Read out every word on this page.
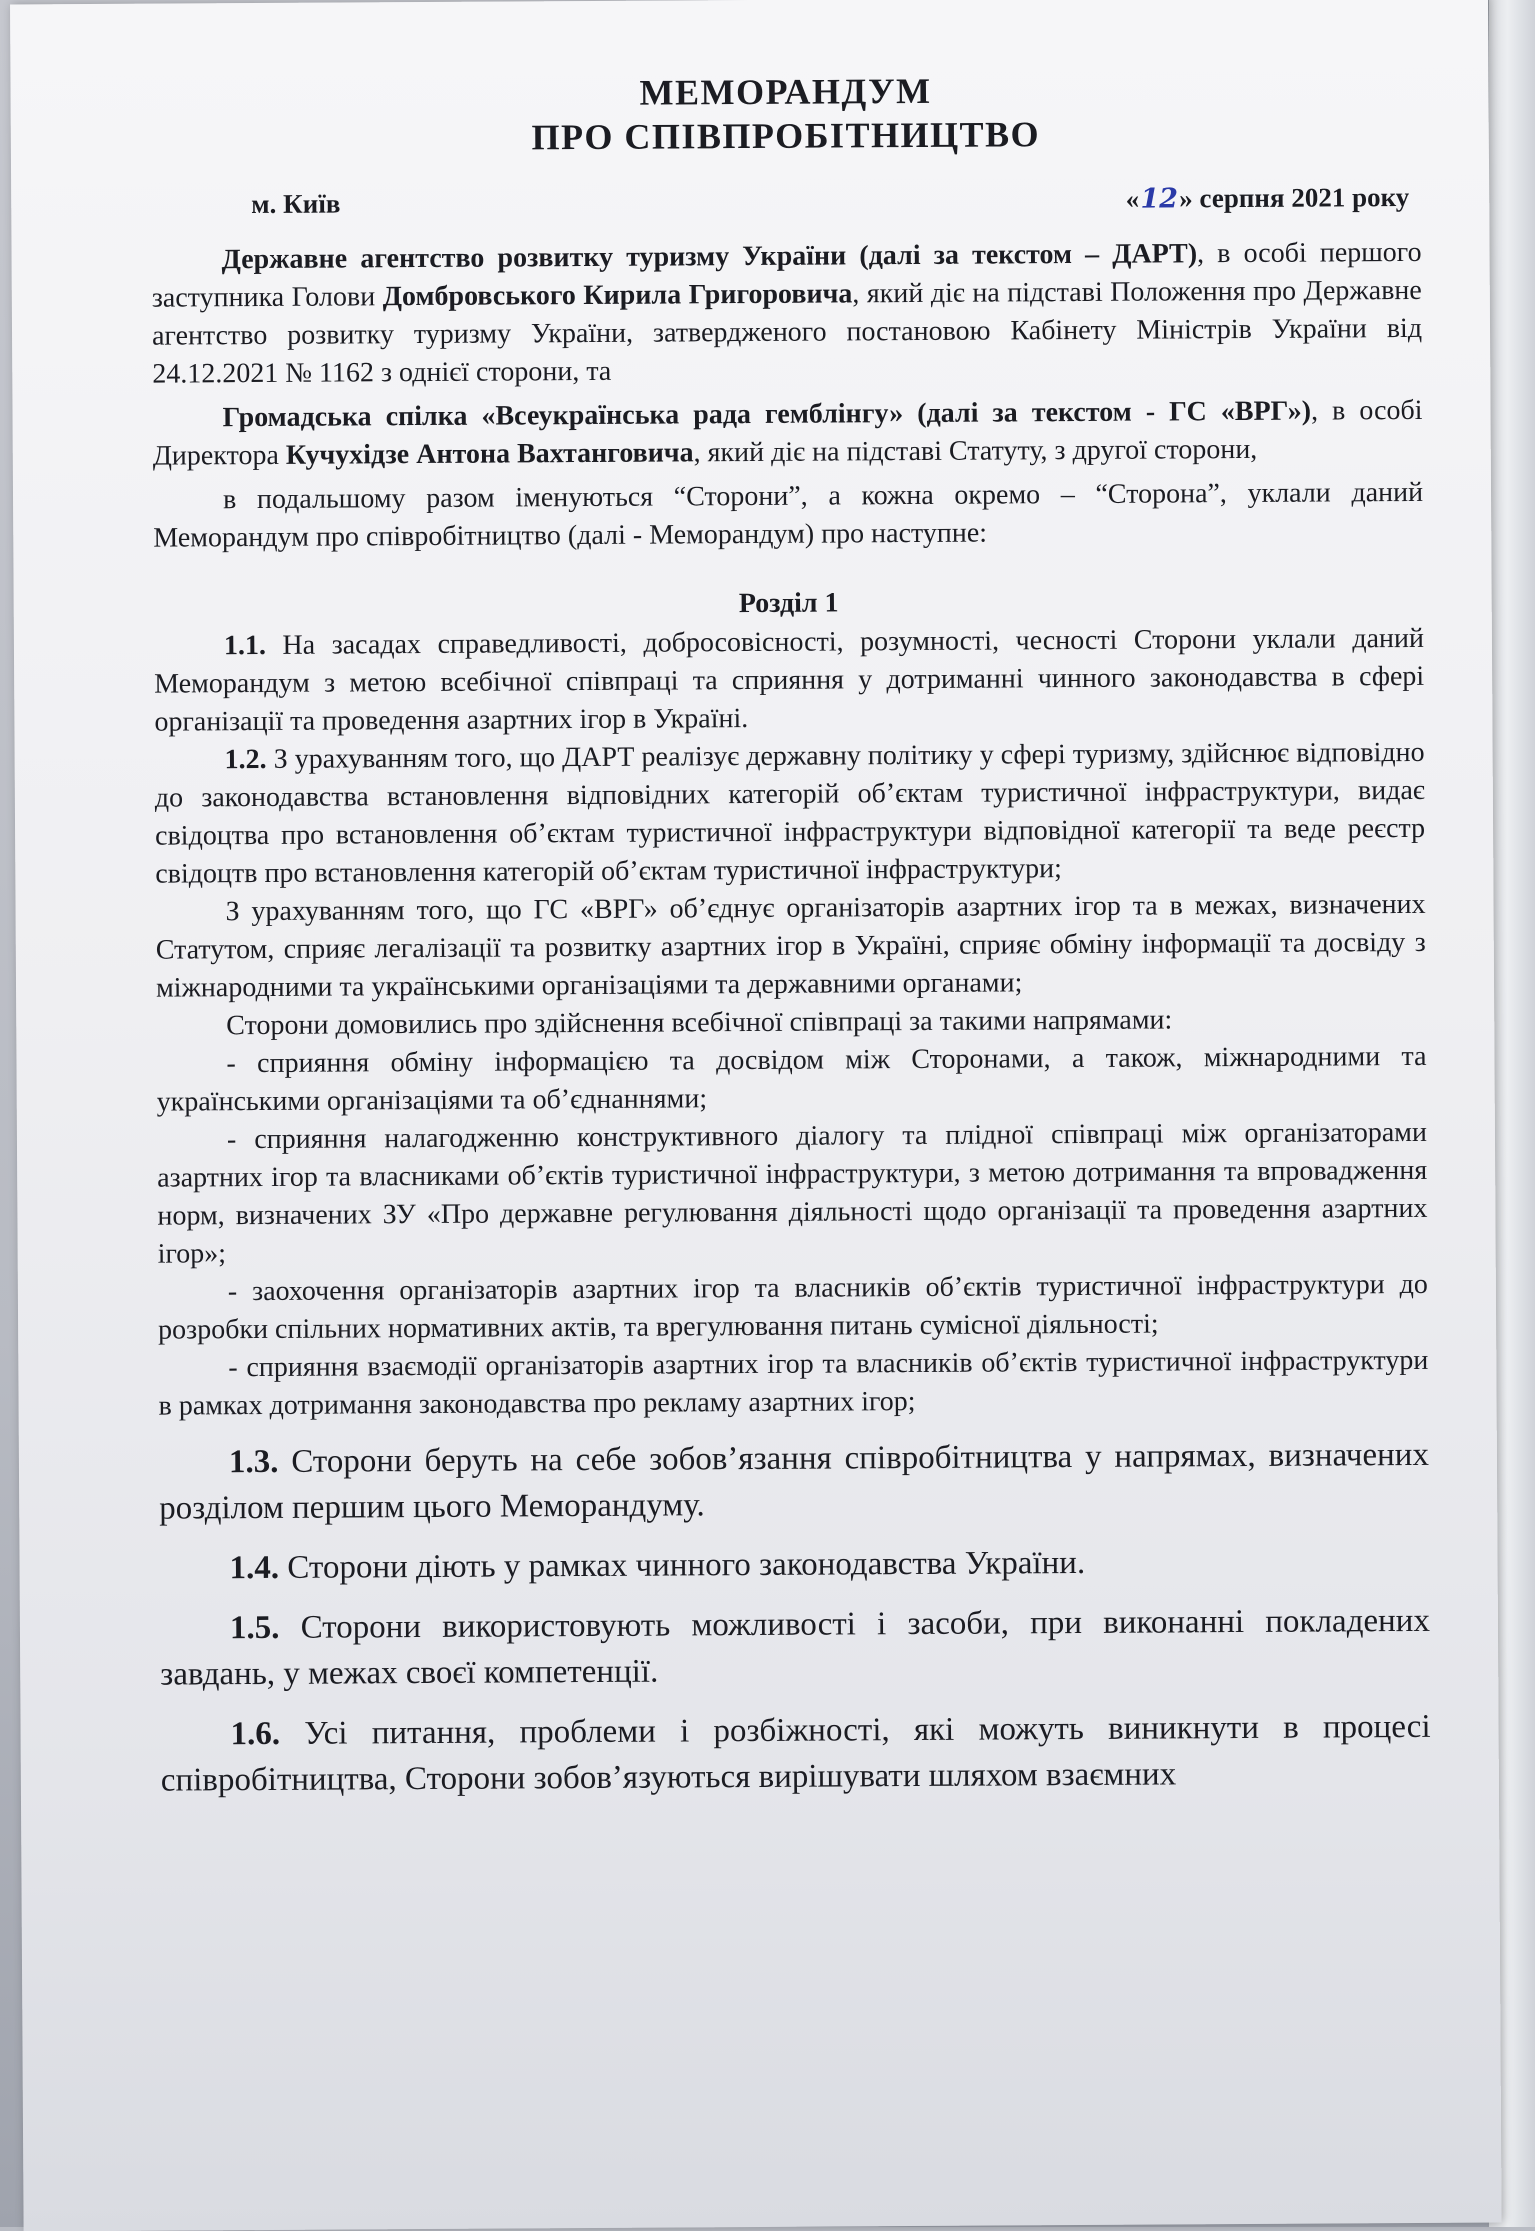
МЕМОРАНДУМ
ПРО СПІВПРОБІТНИЦТВО
м. Київ	«12» серпня 2021 року

Державне агентство розвитку туризму України (далі за текстом – ДАРТ), в особі першого заступника Голови Домбровського Кирила Григоровича, який діє на підставі Положення про Державне агентство розвитку туризму України, затвердженого постановою Кабінету Міністрів України від 24.12.2021 № 1162 з однієї сторони, та

Громадська спілка «Всеукраїнська рада гемблінгу» (далі за текстом - ГС «ВРГ»), в особі Директора Кучухідзе Антона Вахтанговича, який діє на підставі Статуту, з другої сторони,

в подальшому разом іменуються “Сторони”, а кожна окремо – “Сторона”, уклали даний Меморандум про співробітництво (далі - Меморандум) про наступне:

Розділ 1

1.1. На засадах справедливості, добросовісності, розумності, чесності Сторони уклали даний Меморандум з метою всебічної співпраці та сприяння у дотриманні чинного законодавства в сфері організації та проведення азартних ігор в Україні.

1.2. З урахуванням того, що ДАРТ реалізує державну політику у сфері туризму, здійснює відповідно до законодавства встановлення відповідних категорій об’єктам туристичної інфраструктури, видає свідоцтва про встановлення об’єктам туристичної інфраструктури відповідної категорії та веде реєстр свідоцтв про встановлення категорій об’єктам туристичної інфраструктури;

З урахуванням того, що ГС «ВРГ» об’єднує організаторів азартних ігор та в межах, визначених Статутом, сприяє легалізації та розвитку азартних ігор в Україні, сприяє обміну інформації та досвіду з міжнародними та українськими організаціями та державними органами;

Сторони домовились про здійснення всебічної співпраці за такими напрямами:

- сприяння обміну інформацією та досвідом між Сторонами, а також, міжнародними та українськими організаціями та об’єднаннями;

- сприяння налагодженню конструктивного діалогу та плідної співпраці між організаторами азартних ігор та власниками об’єктів туристичної інфраструктури, з метою дотримання та впровадження норм, визначених ЗУ «Про державне регулювання діяльності щодо організації та проведення азартних ігор»;

- заохочення організаторів азартних ігор та власників об’єктів туристичної інфраструктури до розробки спільних нормативних актів, та врегулювання питань сумісної діяльності;

- сприяння взаємодії організаторів азартних ігор та власників об’єктів туристичної інфраструктури в рамках дотримання законодавства про рекламу азартних ігор;

1.3. Сторони беруть на себе зобов’язання співробітництва у напрямах, визначених розділом першим цього Меморандуму.

1.4. Сторони діють у рамках чинного законодавства України.

1.5. Сторони використовують можливості і засоби, при виконанні покладених завдань, у межах своєї компетенції.

1.6. Усі питання, проблеми і розбіжності, які можуть виникнути в процесі співробітництва, Сторони зобов’язуються вирішувати шляхом взаємних
